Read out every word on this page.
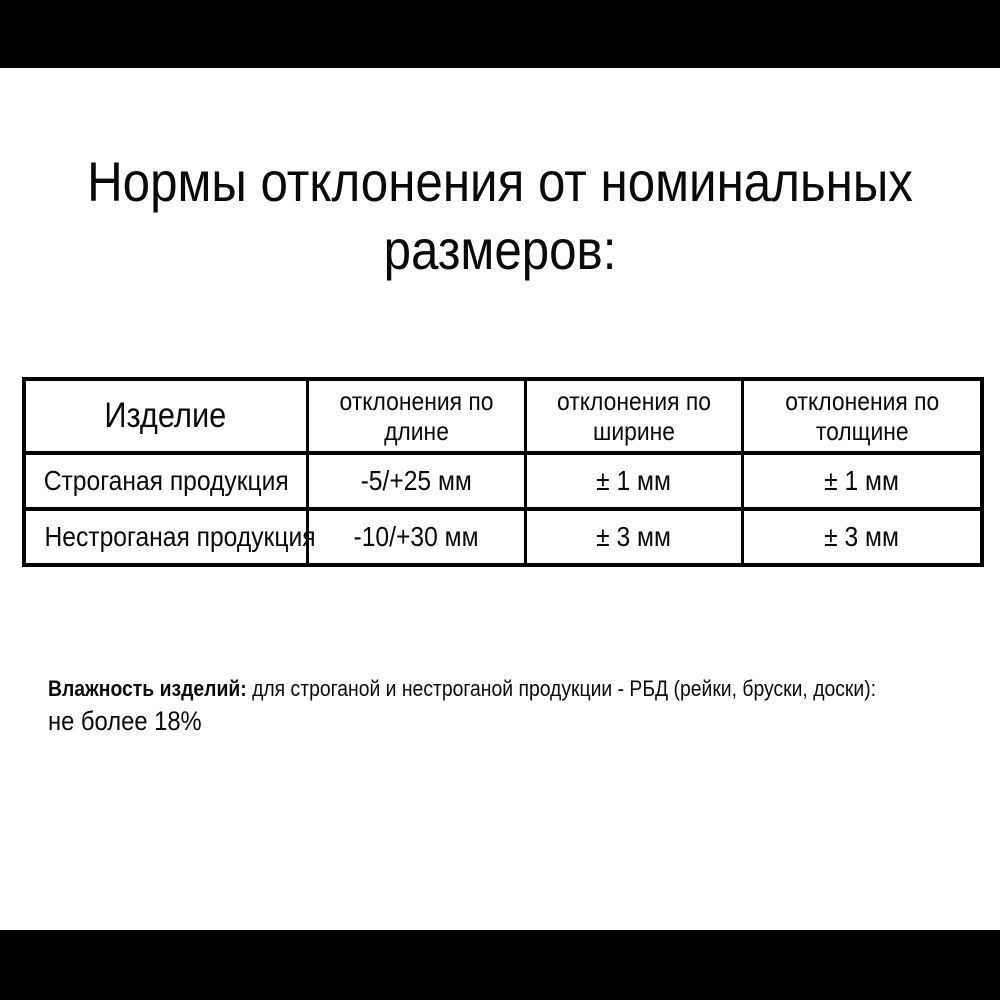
Нормы отклонения от номинальных
размеров:
Изделие	отклонения по длине	отклонения по ширине	отклонения по толщине
Строганая продукция	-5/+25 мм	± 1 мм	± 1 мм
Нестроганая продукция	-10/+30 мм	± 3 мм	± 3 мм
Влажность изделий: для строганой и нестроганой продукции - РБД (рейки, бруски, доски):
не более 18%
